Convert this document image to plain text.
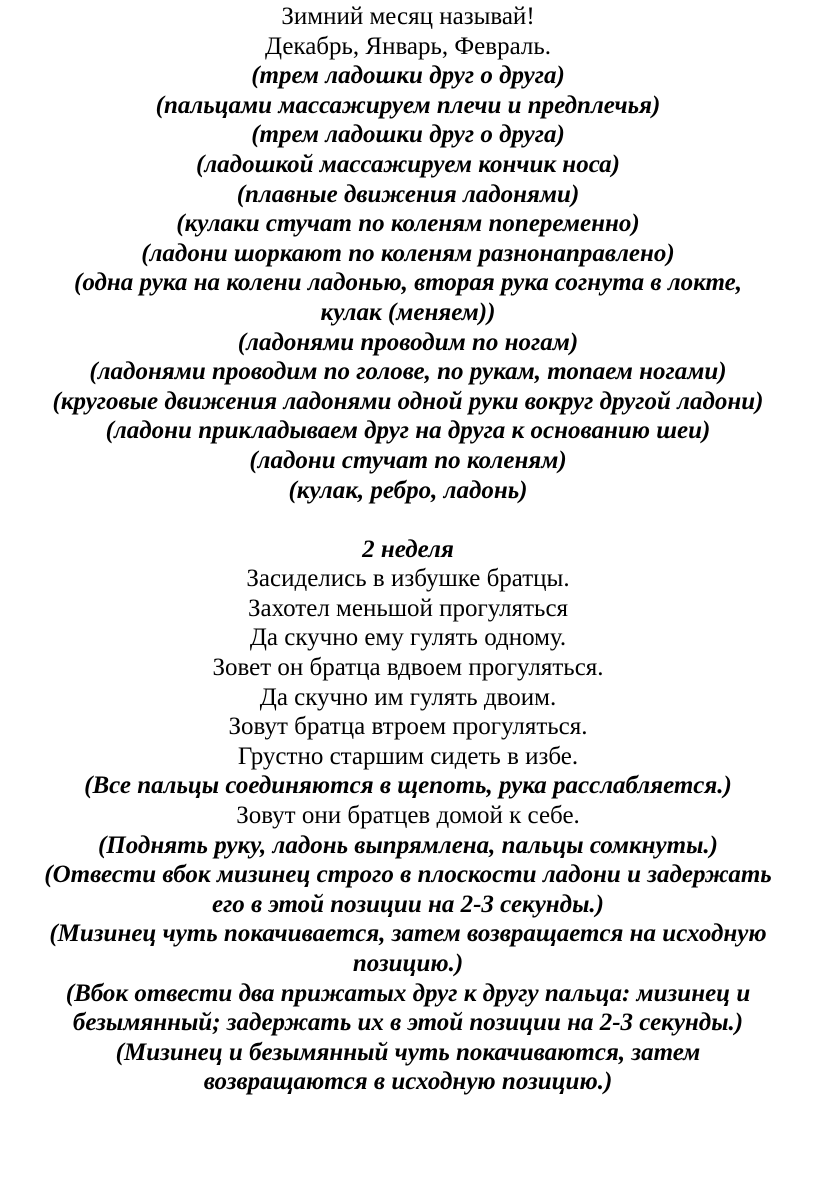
Зимний месяц называй!
Декабрь, Январь, Февраль.
(трем ладошки друг о друга)
(пальцами массажируем плечи и предплечья)
(трем ладошки друг о друга)
(ладошкой массажируем кончик носа)
(плавные движения ладонями)
(кулаки стучат по коленям попеременно)
(ладони шоркают по коленям разнонаправлено)
(одна рука на колени ладонью, вторая рука согнута в локте,
кулак (меняем))
(ладонями проводим по ногам)
(ладонями проводим по голове, по рукам, топаем ногами)
(круговые движения ладонями одной руки вокруг другой ладони)
(ладони прикладываем друг на друга к основанию шеи)
(ладони стучат по коленям)
(кулак, ребро, ладонь)
2 неделя
Засиделись в избушке братцы.
Захотел меньшой прогуляться
Да скучно ему гулять одному.
Зовет он братца вдвоем прогуляться.
Да скучно им гулять двоим.
Зовут братца втроем прогуляться.
Грустно старшим сидеть в избе.
(Все пальцы соединяются в щепоть, рука расслабляется.)
Зовут они братцев домой к себе.
(Поднять руку, ладонь выпрямлена, пальцы сомкнуты.)
(Отвести вбок мизинец строго в плоскости ладони и задержать
его в этой позиции на 2-3 секунды.)
(Мизинец чуть покачивается, затем возвращается на исходную
позицию.)
(Вбок отвести два прижатых друг к другу пальца: мизинец и
безымянный; задержать их в этой позиции на 2-3 секунды.)
(Мизинец и безымянный чуть покачиваются, затем
возвращаются в исходную позицию.)
